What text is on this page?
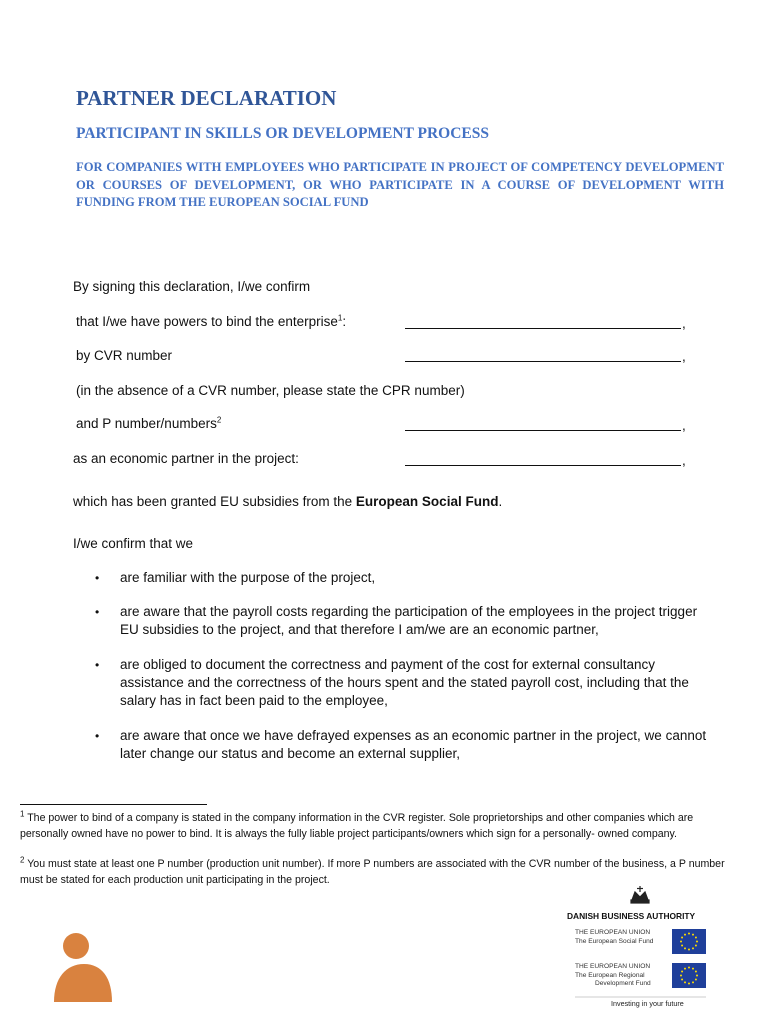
PARTNER DECLARATION
PARTICIPANT IN SKILLS OR DEVELOPMENT PROCESS

FOR COMPANIES WITH EMPLOYEES WHO PARTICIPATE IN PROJECT OF COMPETENCY DEVELOPMENT OR COURSES OF DEVELOPMENT, OR WHO PARTICIPATE IN A COURSE OF DEVELOPMENT WITH FUNDING FROM THE EUROPEAN SOCIAL FUND

By signing this declaration, I/we confirm
that I/we have powers to bind the enterprise$^1$:	,
by CVR number	,
(in the absence of a CVR number, please state the CPR number)
and P number/numbers$^2$	,
as an economic partner in the project:	,
which has been granted EU subsidies from the European Social Fund.
I/we confirm that we
• are familiar with the purpose of the project,
• are aware that the payroll costs regarding the participation of the employees in the project trigger EU subsidies to the project, and that therefore I am/we are an economic partner,
• are obliged to document the correctness and payment of the cost for external consultancy assistance and the correctness of the hours spent and the stated payroll cost, including that the salary has in fact been paid to the employee,
• are aware that once we have defrayed expenses as an economic partner in the project, we cannot later change our status and become an external supplier,
$^1$ The power to bind of a company is stated in the company information in the CVR register. Sole proprietorships and other companies which are personally owned have no power to bind. It is always the fully liable project participants/owners which sign for a personally- owned company.
$^2$ You must state at least one P number (production unit number). If more P numbers are associated with the CVR number of the business, a P number must be stated for each production unit participating in the project.
DANISH BUSINESS AUTHORITY
THE EUROPEAN UNION
The European Social Fund
THE EUROPEAN UNION
The European Regional
Development Fund
Investing in your future
